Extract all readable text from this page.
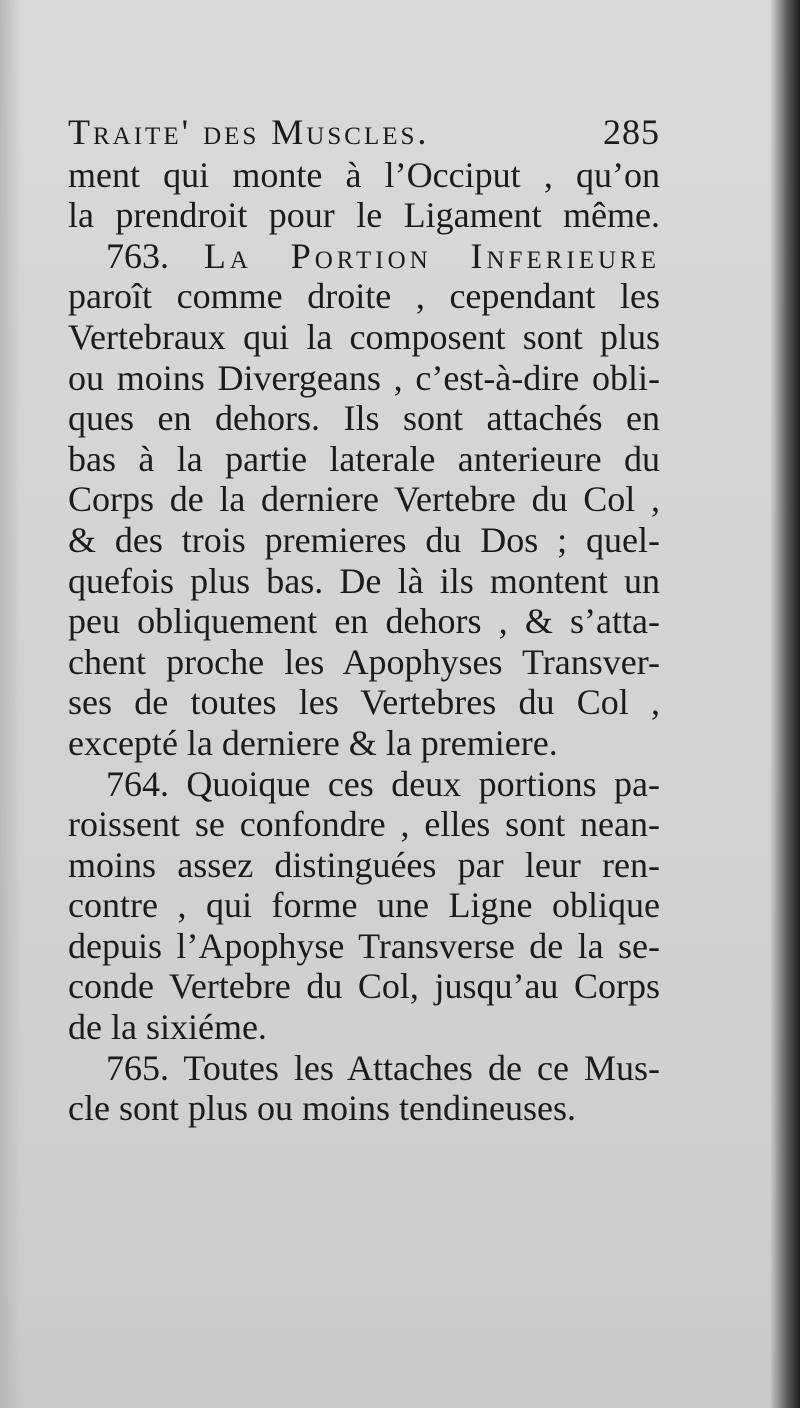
Traite' des Muscles.	285
ment qui monte à l’Occiput , qu’on
la prendroit pour le Ligament même.
763. La Portion Inferieure
paroît comme droite , cependant les
Vertebraux qui la composent sont plus
ou moins Divergeans , c’est-à-dire obli-
ques en dehors. Ils sont attachés en
bas à la partie laterale anterieure du
Corps de la derniere Vertebre du Col ,
& des trois premieres du Dos ; quel-
quefois plus bas. De là ils montent un
peu obliquement en dehors , & s’atta-
chent proche les Apophyses Transver-
ses de toutes les Vertebres du Col ,
excepté la derniere & la premiere.
764. Quoique ces deux portions pa-
roissent se confondre , elles sont nean-
moins assez distinguées par leur ren-
contre , qui forme une Ligne oblique
depuis l’Apophyse Transverse de la se-
conde Vertebre du Col, jusqu’au Corps
de la sixiéme.
765. Toutes les Attaches de ce Mus-
cle sont plus ou moins tendineuses.
